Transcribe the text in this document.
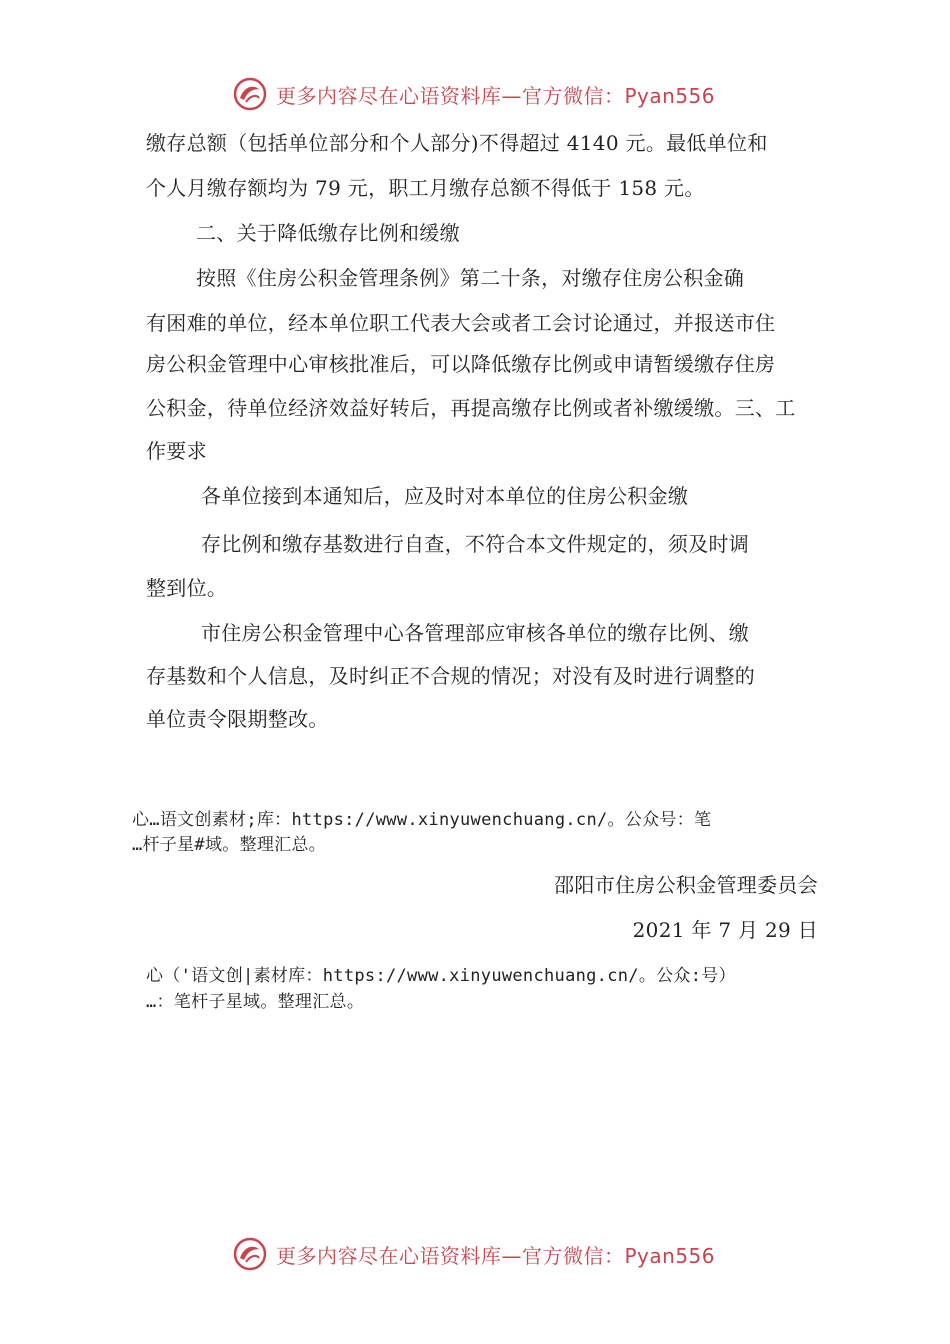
更多内容尽在心语资料库—官方微信：Pyan556
缴存总额（包括单位部分和个人部分)不得超过 4140 元。最低单位和
个人月缴存额均为 79 元，职工月缴存总额不得低于 158 元。
二、关于降低缴存比例和缓缴
按照《住房公积金管理条例》第二十条，对缴存住房公积金确
有困难的单位，经本单位职工代表大会或者工会讨论通过，并报送市住
房公积金管理中心审核批准后，可以降低缴存比例或申请暂缓缴存住房
公积金，待单位经济效益好转后，再提高缴存比例或者补缴缓缴。三、工
作要求
各单位接到本通知后，应及时对本单位的住房公积金缴
存比例和缴存基数进行自查，不符合本文件规定的，须及时调
整到位。
市住房公积金管理中心各管理部应审核各单位的缴存比例、缴
存基数和个人信息，及时纠正不合规的情况；对没有及时进行调整的
单位责令限期整改。
心…语文创素材;库：https://www.xinyuwenchuang.cn/。公众号：笔
…杆子星#域。整理汇总。
邵阳市住房公积金管理委员会
2021 年 7 月 29 日
心（'语文创|素材库：https://www.xinyuwenchuang.cn/。公众:号）
…：笔杆子星域。整理汇总。
更多内容尽在心语资料库—官方微信：Pyan556
